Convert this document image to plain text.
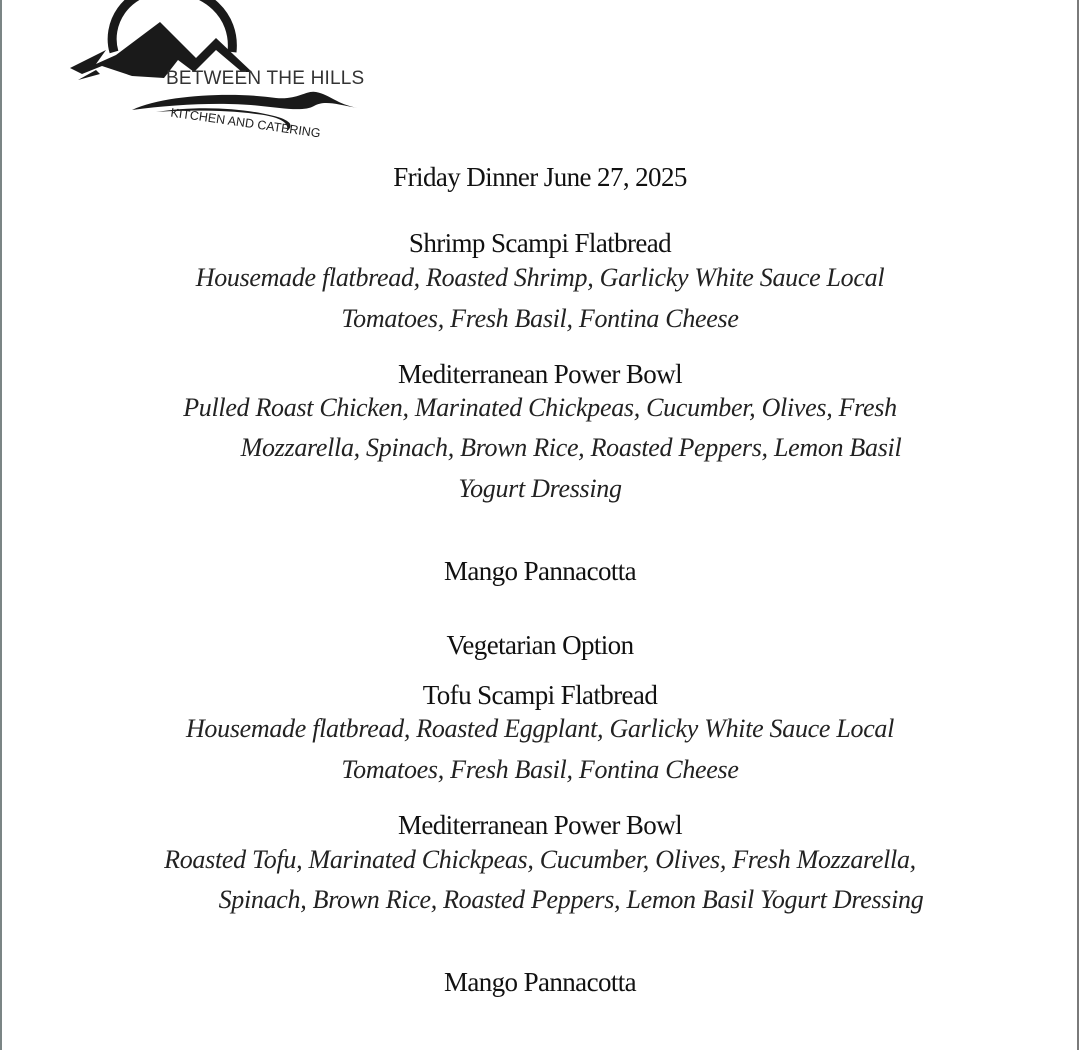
BETWEEN THE HILLS
KITCHEN AND CATERING
Friday Dinner June 27, 2025
Shrimp Scampi Flatbread
Housemade flatbread, Roasted Shrimp, Garlicky White Sauce Local
Tomatoes, Fresh Basil, Fontina Cheese
Mediterranean Power Bowl
Pulled Roast Chicken, Marinated Chickpeas, Cucumber, Olives, Fresh
Mozzarella, Spinach, Brown Rice, Roasted Peppers, Lemon Basil
Yogurt Dressing
Mango Pannacotta
Vegetarian Option
Tofu Scampi Flatbread
Housemade flatbread, Roasted Eggplant, Garlicky White Sauce Local
Tomatoes, Fresh Basil, Fontina Cheese
Mediterranean Power Bowl
Roasted Tofu, Marinated Chickpeas, Cucumber, Olives, Fresh Mozzarella,
Spinach, Brown Rice, Roasted Peppers, Lemon Basil Yogurt Dressing
Mango Pannacotta
